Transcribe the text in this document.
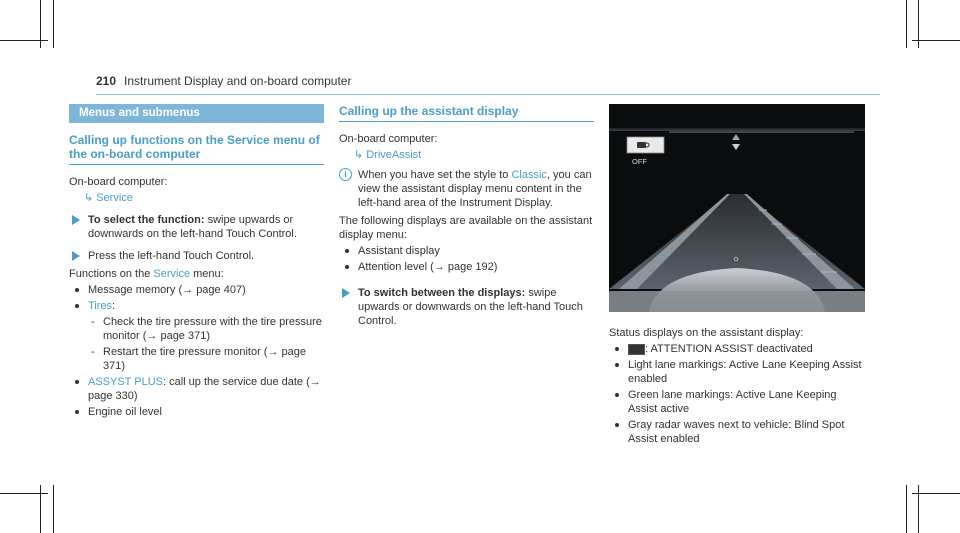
210 Instrument Display and on-board computer
Menus and submenus
Calling up functions on the Service menu of the on-board computer
On-board computer:
↳ Service
To select the function: swipe upwards or downwards on the left-hand Touch Control.
Press the left-hand Touch Control.
Functions on the Service menu:
Message memory (→ page 407)
Tires:
- Check the tire pressure with the tire pressure monitor (→ page 371)
- Restart the tire pressure monitor (→ page 371)
ASSYST PLUS: call up the service due date (→ page 330)
Engine oil level
Calling up the assistant display
On-board computer:
↳ DriveAssist
i	When you have set the style to Classic, you can view the assistant display menu content in the left-hand area of the Instrument Display.
The following displays are available on the assistant display menu:
Assistant display
Attention level (→ page 192)
To switch between the displays: swipe upwards or downwards on the left-hand Touch Control.
OFF
Status displays on the assistant display:
: ATTENTION ASSIST deactivated
Light lane markings: Active Lane Keeping Assist enabled
Green lane markings: Active Lane Keeping Assist active
Gray radar waves next to vehicle: Blind Spot Assist enabled
